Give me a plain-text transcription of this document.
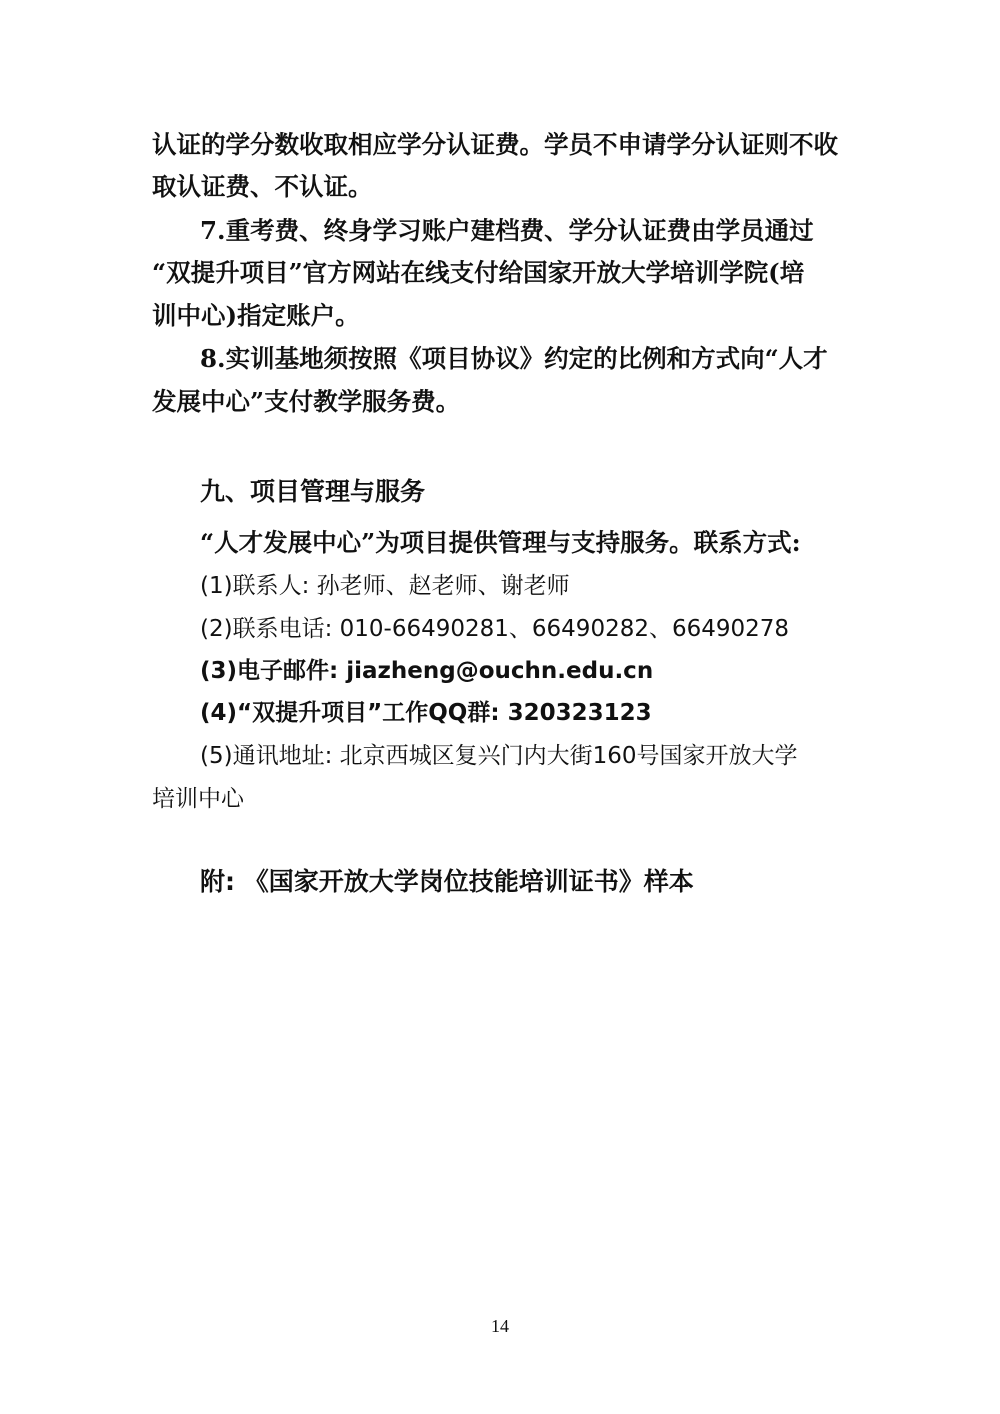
认证的学分数收取相应学分认证费。学员不申请学分认证则不收
取认证费、不认证。
7.重考费、终身学习账户建档费、学分认证费由学员通过
“双提升项目”官方网站在线支付给国家开放大学培训学院(培
训中心)指定账户。
8.实训基地须按照《项目协议》约定的比例和方式向“人才
发展中心”支付教学服务费。
九、项目管理与服务
“人才发展中心”为项目提供管理与支持服务。联系方式:
(1)联系人: 孙老师、赵老师、谢老师
(2)联系电话: 010-66490281、66490282、66490278
(3)电子邮件: jiazheng@ouchn.edu.cn
(4)“双提升项目”工作QQ群: 320323123
(5)通讯地址: 北京西城区复兴门内大街160号国家开放大学
培训中心
附: 《国家开放大学岗位技能培训证书》样本
14
